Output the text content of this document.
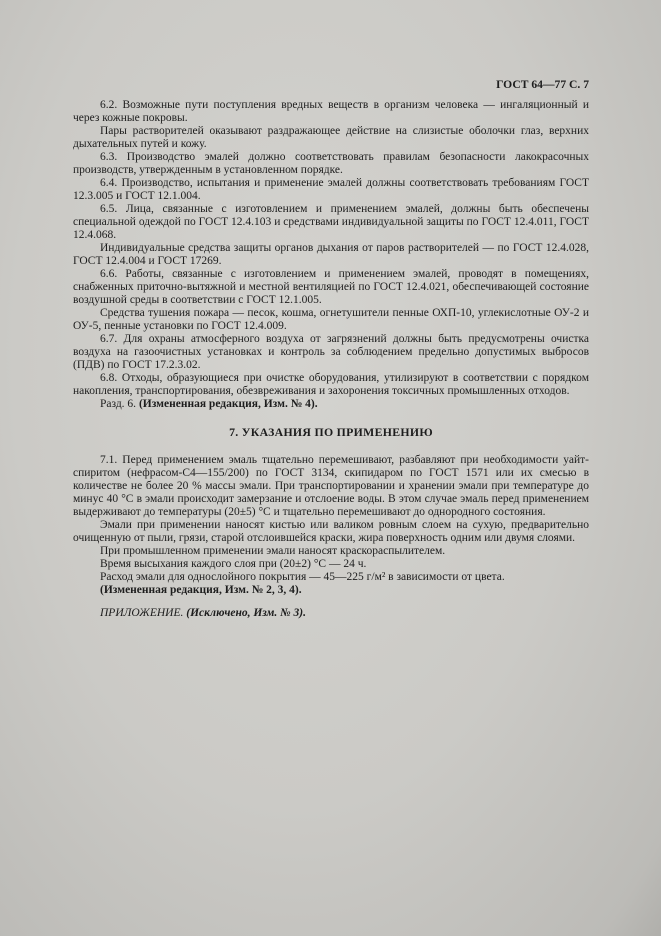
ГОСТ 64—77 С. 7

6.2. Возможные пути поступления вредных веществ в организм человека — ингаляционный и через кожные покровы.

Пары растворителей оказывают раздражающее действие на слизистые оболочки глаз, верхних дыхательных путей и кожу.

6.3. Производство эмалей должно соответствовать правилам безопасности лакокрасочных производств, утвержденным в установленном порядке.

6.4. Производство, испытания и применение эмалей должны соответствовать требованиям ГОСТ 12.3.005 и ГОСТ 12.1.004.

6.5. Лица, связанные с изготовлением и применением эмалей, должны быть обеспечены специальной одеждой по ГОСТ 12.4.103 и средствами индивидуальной защиты по ГОСТ 12.4.011, ГОСТ 12.4.068.

Индивидуальные средства защиты органов дыхания от паров растворителей — по ГОСТ 12.4.028, ГОСТ 12.4.004 и ГОСТ 17269.

6.6. Работы, связанные с изготовлением и применением эмалей, проводят в помещениях, снабженных приточно-вытяжной и местной вентиляцией по ГОСТ 12.4.021, обеспечивающей состояние воздушной среды в соответствии с ГОСТ 12.1.005.

Средства тушения пожара — песок, кошма, огнетушители пенные ОХП-10, углекислотные ОУ-2 и ОУ-5, пенные установки по ГОСТ 12.4.009.

6.7. Для охраны атмосферного воздуха от загрязнений должны быть предусмотрены очистка воздуха на газоочистных установках и контроль за соблюдением предельно допустимых выбросов (ПДВ) по ГОСТ 17.2.3.02.

6.8. Отходы, образующиеся при очистке оборудования, утилизируют в соответствии с порядком накопления, транспортирования, обезвреживания и захоронения токсичных промышленных отходов.

Разд. 6. (Измененная редакция, Изм. № 4).

7. УКАЗАНИЯ ПО ПРИМЕНЕНИЮ

7.1. Перед применением эмаль тщательно перемешивают, разбавляют при необходимости уайт-спиритом (нефрасом-С4—155/200) по ГОСТ 3134, скипидаром по ГОСТ 1571 или их смесью в количестве не более 20 % массы эмали. При транспортировании и хранении эмали при температуре до минус 40 °С в эмали происходит замерзание и отслоение воды. В этом случае эмаль перед применением выдерживают до температуры (20±5) °С и тщательно перемешивают до однородного состояния.

Эмали при применении наносят кистью или валиком ровным слоем на сухую, предварительно очищенную от пыли, грязи, старой отслоившейся краски, жира поверхность одним или двумя слоями.

При промышленном применении эмали наносят краскораспылителем.

Время высыхания каждого слоя при (20±2) °С — 24 ч.

Расход эмали для однослойного покрытия — 45—225 г/м² в зависимости от цвета.

(Измененная редакция, Изм. № 2, 3, 4).

ПРИЛОЖЕНИЕ. (Исключено, Изм. № 3).
